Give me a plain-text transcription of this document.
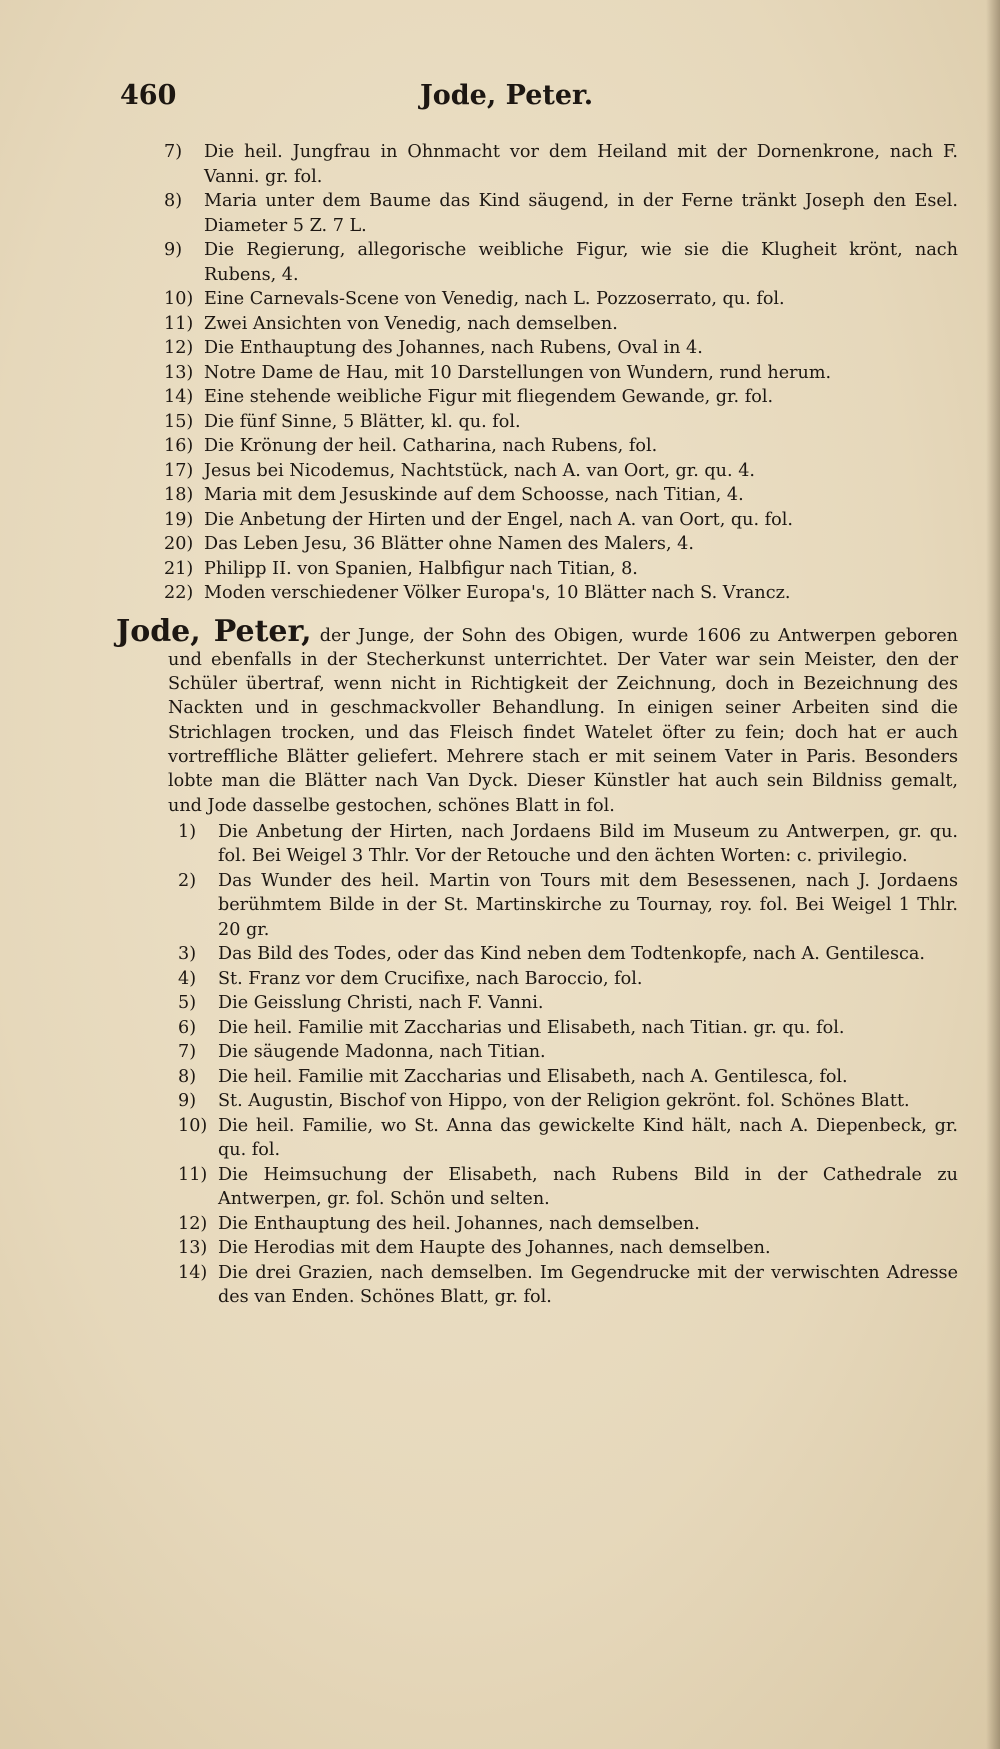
460	Jode, Peter.
7)	Die heil. Jungfrau in Ohnmacht vor dem Heiland mit der Dornenkrone, nach F. Vanni. gr. fol.
8)	Maria unter dem Baume das Kind säugend, in der Ferne tränkt Joseph den Esel. Diameter 5 Z. 7 L.
9)	Die Regierung, allegorische weibliche Figur, wie sie die Klugheit krönt, nach Rubens, 4.
10) Eine Carnevals-Scene von Venedig, nach L. Pozzoserrato, qu. fol.
11) Zwei Ansichten von Venedig, nach demselben.
12) Die Enthauptung des Johannes, nach Rubens, Oval in 4.
13) Notre Dame de Hau, mit 10 Darstellungen von Wundern, rund herum.
14) Eine stehende weibliche Figur mit fliegendem Gewande, gr. fol.
15) Die fünf Sinne, 5 Blätter, kl. qu. fol.
16) Die Krönung der heil. Catharina, nach Rubens, fol.
17) Jesus bei Nicodemus, Nachtstück, nach A. van Oort, gr. qu. 4.
18) Maria mit dem Jesuskinde auf dem Schoosse, nach Titian, 4.
19) Die Anbetung der Hirten und der Engel, nach A. van Oort, qu. fol.
20) Das Leben Jesu, 36 Blätter ohne Namen des Malers, 4.
21) Philipp II. von Spanien, Halbfigur nach Titian, 8.
22) Moden verschiedener Völker Europa's, 10 Blätter nach S. Vrancz.

Jode, Peter, der Junge, der Sohn des Obigen, wurde 1606 zu Antwerpen geboren und ebenfalls in der Stecherkunst unterrichtet. Der Vater war sein Meister, den der Schüler übertraf, wenn nicht in Richtigkeit der Zeichnung, doch in Bezeichnung des Nackten und in geschmackvoller Behandlung. In einigen seiner Arbeiten sind die Strichlagen trocken, und das Fleisch findet Watelet öfter zu fein; doch hat er auch vortreffliche Blätter geliefert. Mehrere stach er mit seinem Vater in Paris. Besonders lobte man die Blätter nach Van Dyck. Dieser Künstler hat auch sein Bildniss gemalt, und Jode dasselbe gestochen, schönes Blatt in fol.

1)	Die Anbetung der Hirten, nach Jordaens Bild im Museum zu Antwerpen, gr. qu. fol. Bei Weigel 3 Thlr. Vor der Retouche und den ächten Worten: c. privilegio.
2)	Das Wunder des heil. Martin von Tours mit dem Besessenen, nach J. Jordaens berühmtem Bilde in der St. Martinskirche zu Tournay, roy. fol. Bei Weigel 1 Thlr. 20 gr.
3)	Das Bild des Todes, oder das Kind neben dem Todtenkopfe, nach A. Gentilesca.
4)	St. Franz vor dem Crucifixe, nach Baroccio, fol.
5)	Die Geisslung Christi, nach F. Vanni.
6)	Die heil. Familie mit Zaccharias und Elisabeth, nach Titian. gr. qu. fol.
7)	Die säugende Madonna, nach Titian.
8)	Die heil. Familie mit Zaccharias und Elisabeth, nach A. Gentilesca, fol.
9)	St. Augustin, Bischof von Hippo, von der Religion gekrönt. fol. Schönes Blatt.
10) Die heil. Familie, wo St. Anna das gewickelte Kind hält, nach A. Diepenbeck, gr. qu. fol.
11) Die Heimsuchung der Elisabeth, nach Rubens Bild in der Cathedrale zu Antwerpen, gr. fol. Schön und selten.
12) Die Enthauptung des heil. Johannes, nach demselben.
13) Die Herodias mit dem Haupte des Johannes, nach demselben.
14) Die drei Grazien, nach demselben. Im Gegendrucke mit der verwischten Adresse des van Enden. Schönes Blatt, gr. fol.
